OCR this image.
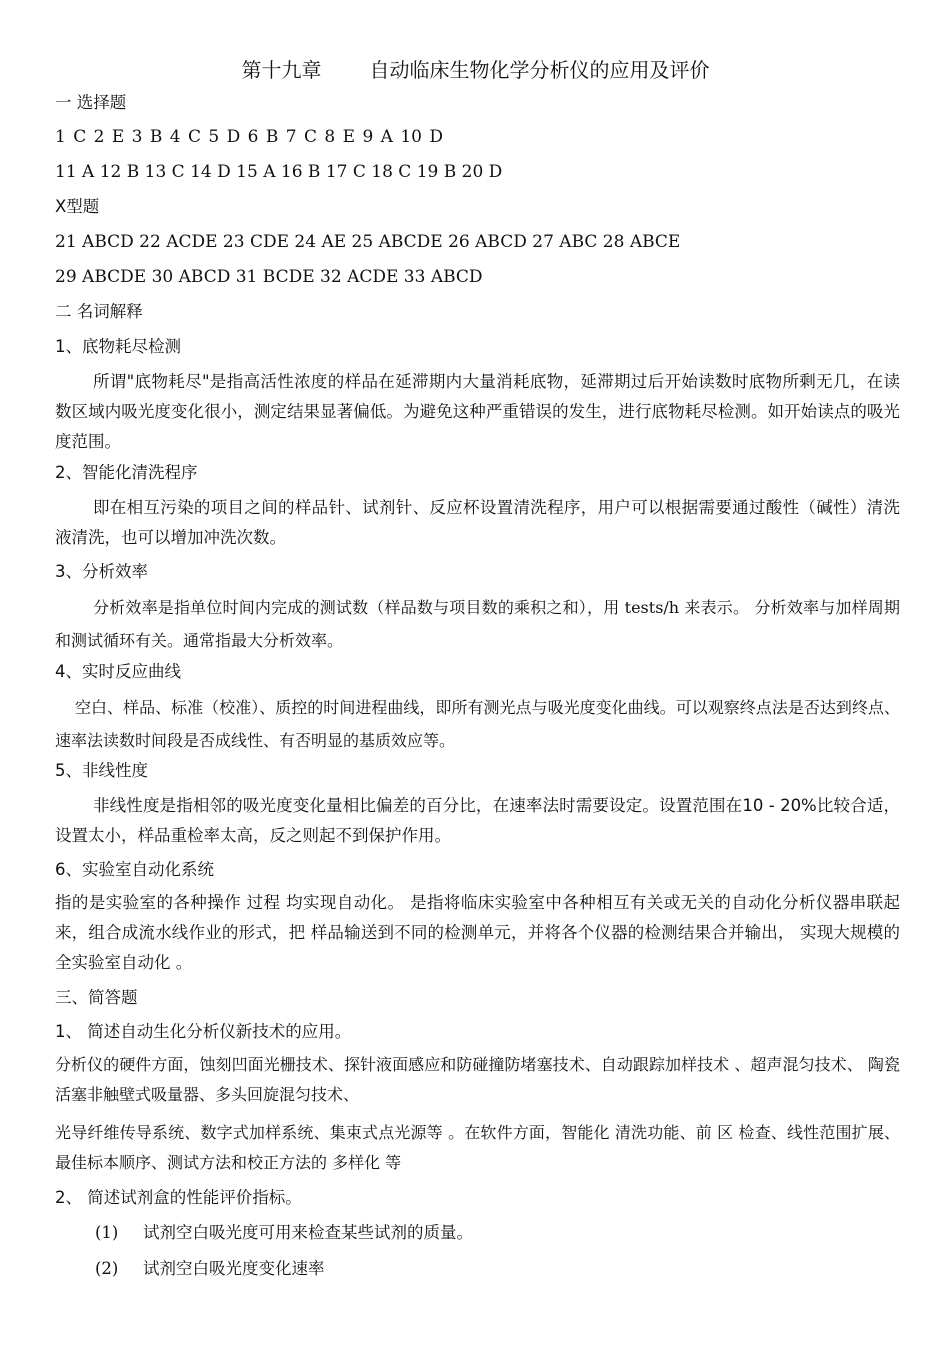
第十九章 自动临床生物化学分析仪的应用及评价
一 选择题
1 C 2 E 3 B 4 C 5 D 6 B 7 C 8 E 9 A 10 D
11 A 12 B 13 C 14 D 15 A 16 B 17 C 18 C 19 B 20 D
X型题
21 ABCD 22 ACDE 23 CDE 24 AE 25 ABCDE 26 ABCD 27 ABC 28 ABCE
29 ABCDE 30 ABCD 31 BCDE 32 ACDE 33 ABCD
二 名词解释
1、底物耗尽检测
所谓"底物耗尽"是指高活性浓度的样品在延滞期内大量消耗底物，延滞期过后开始读数时底物所剩无几，在读数区域内吸光度变化很小，测定结果显著偏低。为避免这种严重错误的发生，进行底物耗尽检测。如开始读点的吸光度范围。
2、智能化清洗程序
即在相互污染的项目之间的样品针、试剂针、反应杯设置清洗程序，用户可以根据需要通过酸性（碱性）清洗液清洗，也可以增加冲洗次数。
3、分析效率
分析效率是指单位时间内完成的测试数（样品数与项目数的乘积之和），用 tests/h 来表示。 分析效率与加样周期和测试循环有关。通常指最大分析效率。
4、实时反应曲线
空白、样品、标准（校准）、质控的时间进程曲线，即所有测光点与吸光度变化曲线。可以观察终点法是否达到终点、速率法读数时间段是否成线性、有否明显的基质效应等。
5、非线性度
非线性度是指相邻的吸光度变化量相比偏差的百分比，在速率法时需要设定。设置范围在10 - 20%比较合适，设置太小，样品重检率太高，反之则起不到保护作用。
6、实验室自动化系统
指的是实验室的各种操作 过程 均实现自动化。 是指将临床实验室中各种相互有关或无关的自动化分析仪器串联起来，组合成流水线作业的形式，把 样品输送到不同的检测单元，并将各个仪器的检测结果合并输出， 实现大规模的 全实验室自动化 。
三、简答题
1、 简述自动生化分析仪新技术的应用。
分析仪的硬件方面，蚀刻凹面光栅技术、探针液面感应和防碰撞防堵塞技术、自动跟踪加样技术 、超声混匀技术、 陶瓷活塞非触壁式吸量器、多头回旋混匀技术、
光导纤维传导系统、数字式加样系统、集束式点光源等 。在软件方面，智能化 清洗功能、前 区 检查、线性范围扩展、最佳标本顺序、测试方法和校正方法的 多样化 等
2、 简述试剂盒的性能评价指标。
(1) 试剂空白吸光度可用来检查某些试剂的质量。
(2) 试剂空白吸光度变化速率
